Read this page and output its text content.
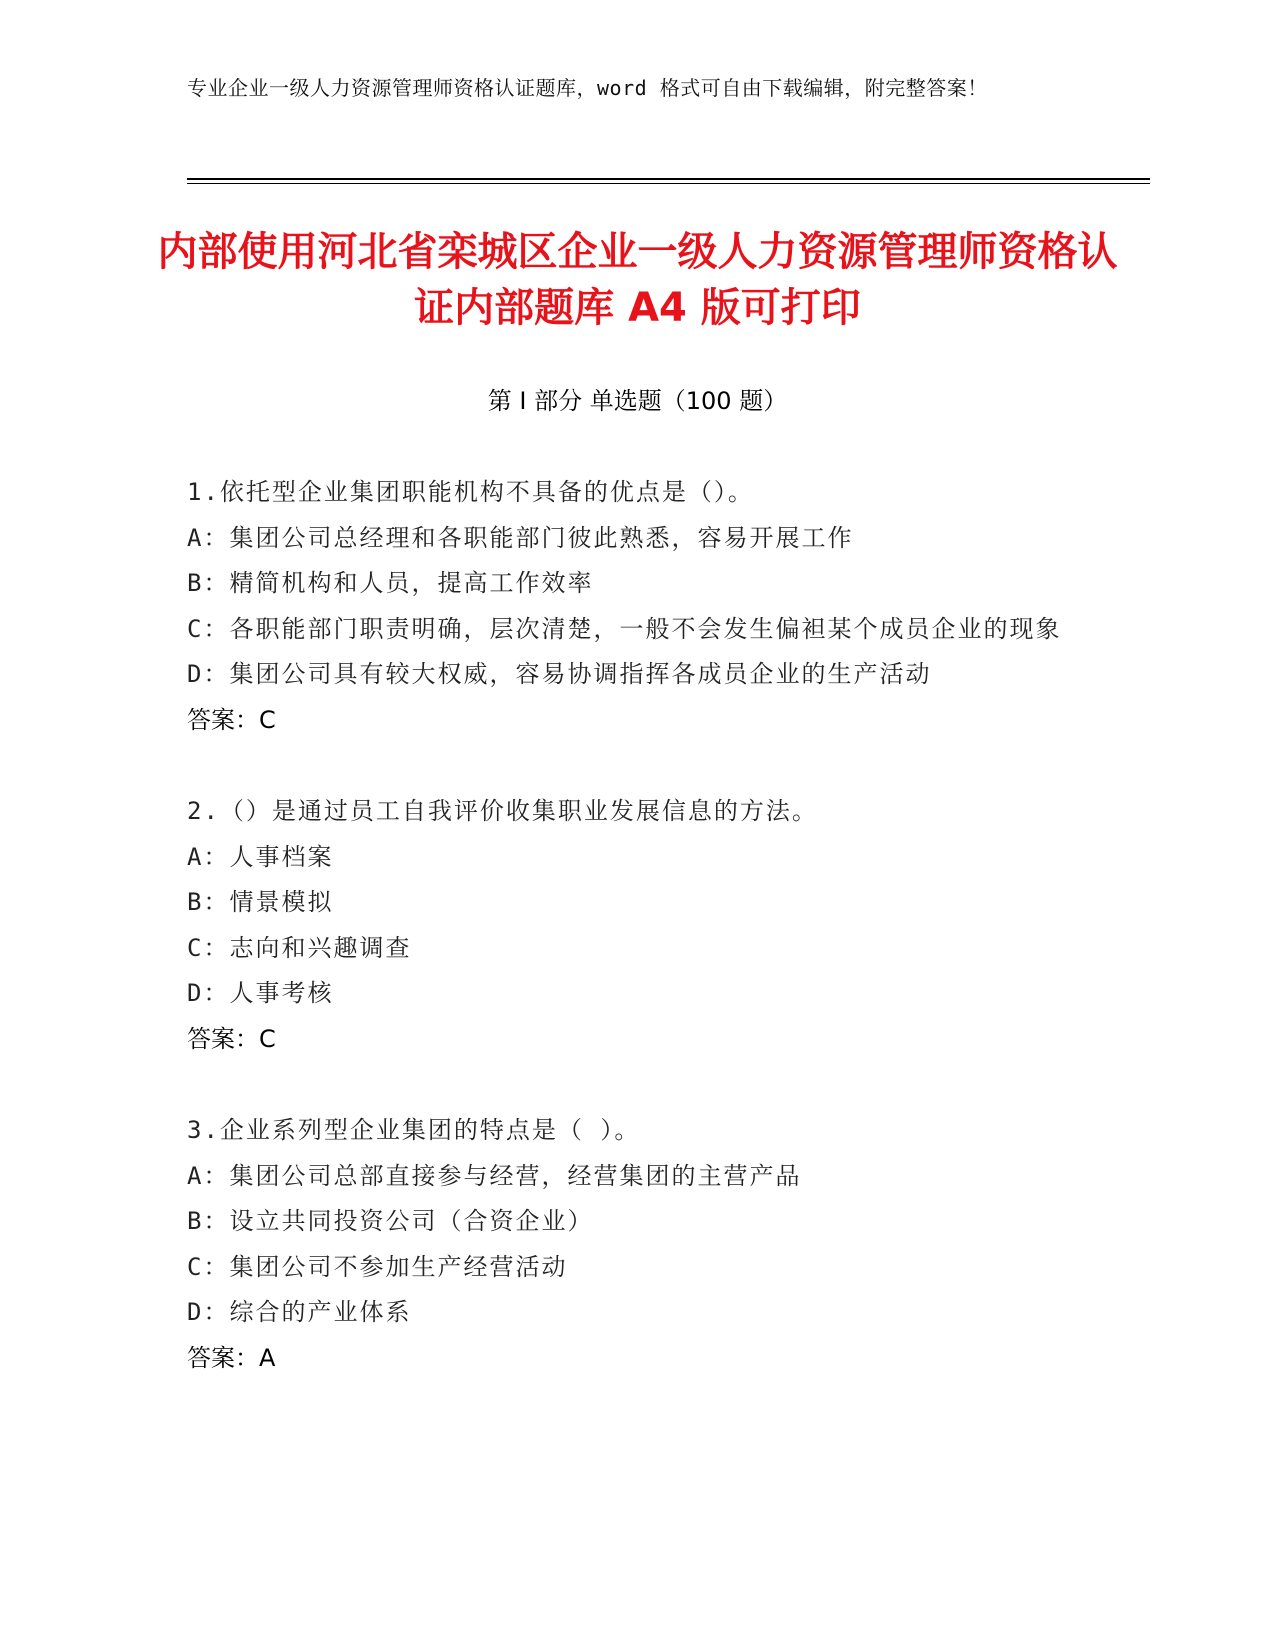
专业企业一级人力资源管理师资格认证题库，word 格式可自由下载编辑，附完整答案！
内部使用河北省栾城区企业一级人力资源管理师资格认证内部题库 A4 版可打印
第 I 部分 单选题（100 题）
1.依托型企业集团职能机构不具备的优点是（）。
A：集团公司总经理和各职能部门彼此熟悉，容易开展工作
B：精简机构和人员，提高工作效率
C：各职能部门职责明确，层次清楚，一般不会发生偏袒某个成员企业的现象
D：集团公司具有较大权威，容易协调指挥各成员企业的生产活动
答案：C
2.（）是通过员工自我评价收集职业发展信息的方法。
A：人事档案
B：情景模拟
C：志向和兴趣调查
D：人事考核
答案：C
3.企业系列型企业集团的特点是（ ）。
A：集团公司总部直接参与经营，经营集团的主营产品
B：设立共同投资公司（合资企业）
C：集团公司不参加生产经营活动
D：综合的产业体系
答案：A
